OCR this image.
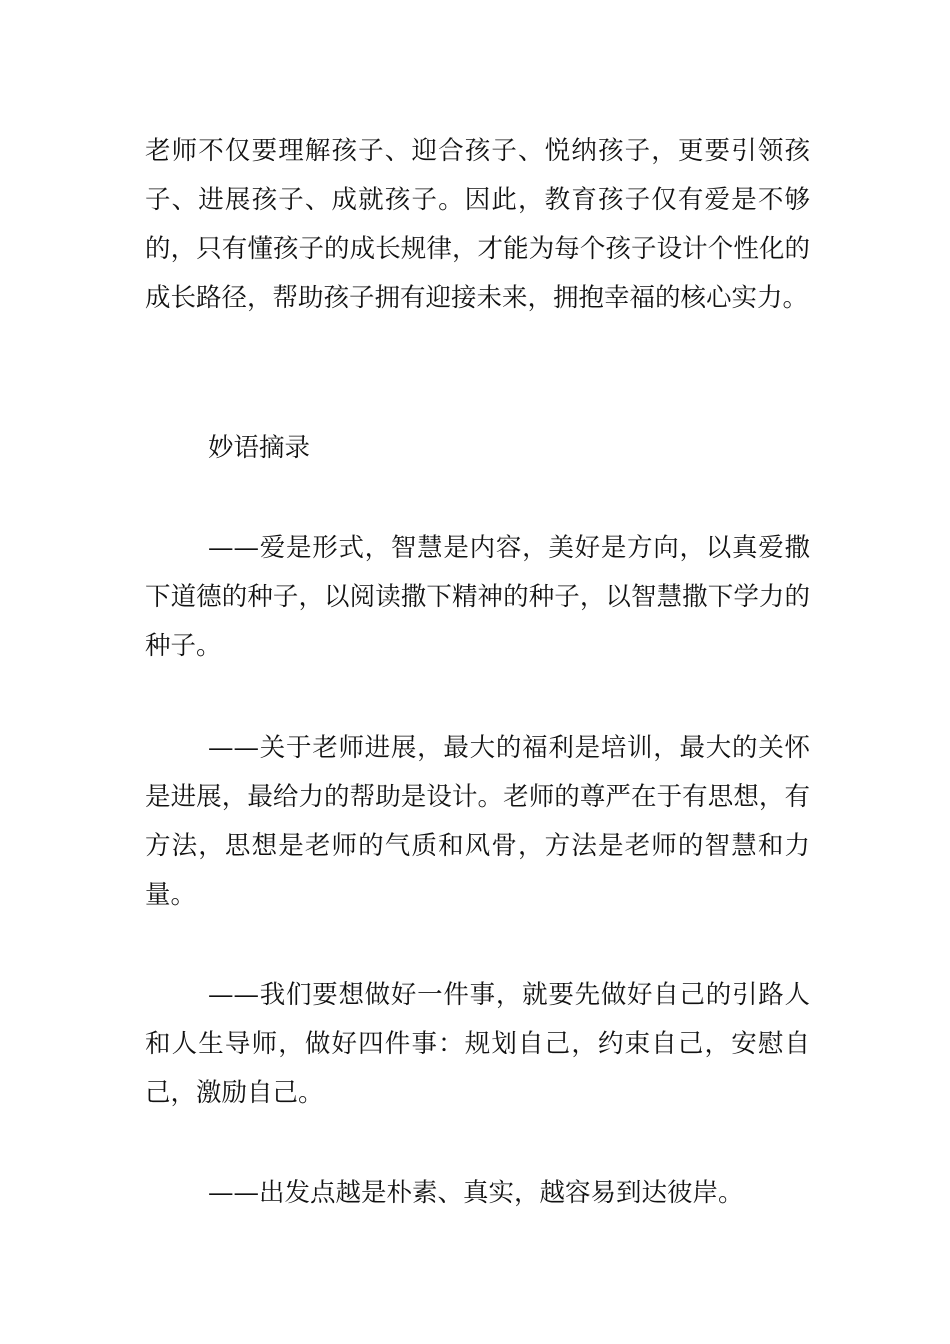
老师不仅要理解孩子、迎合孩子、悦纳孩子，更要引领孩子、进展孩子、成就孩子。因此，教育孩子仅有爱是不够的，只有懂孩子的成长规律，才能为每个孩子设计个性化的成长路径，帮助孩子拥有迎接未来，拥抱幸福的核心实力。

妙语摘录

——爱是形式，智慧是内容，美好是方向，以真爱撒下道德的种子，以阅读撒下精神的种子，以智慧撒下学力的种子。

——关于老师进展，最大的福利是培训，最大的关怀是进展，最给力的帮助是设计。老师的尊严在于有思想，有方法，思想是老师的气质和风骨，方法是老师的智慧和力量。

——我们要想做好一件事，就要先做好自己的引路人和人生导师，做好四件事：规划自己，约束自己，安慰自己，激励自己。

——出发点越是朴素、真实，越容易到达彼岸。
